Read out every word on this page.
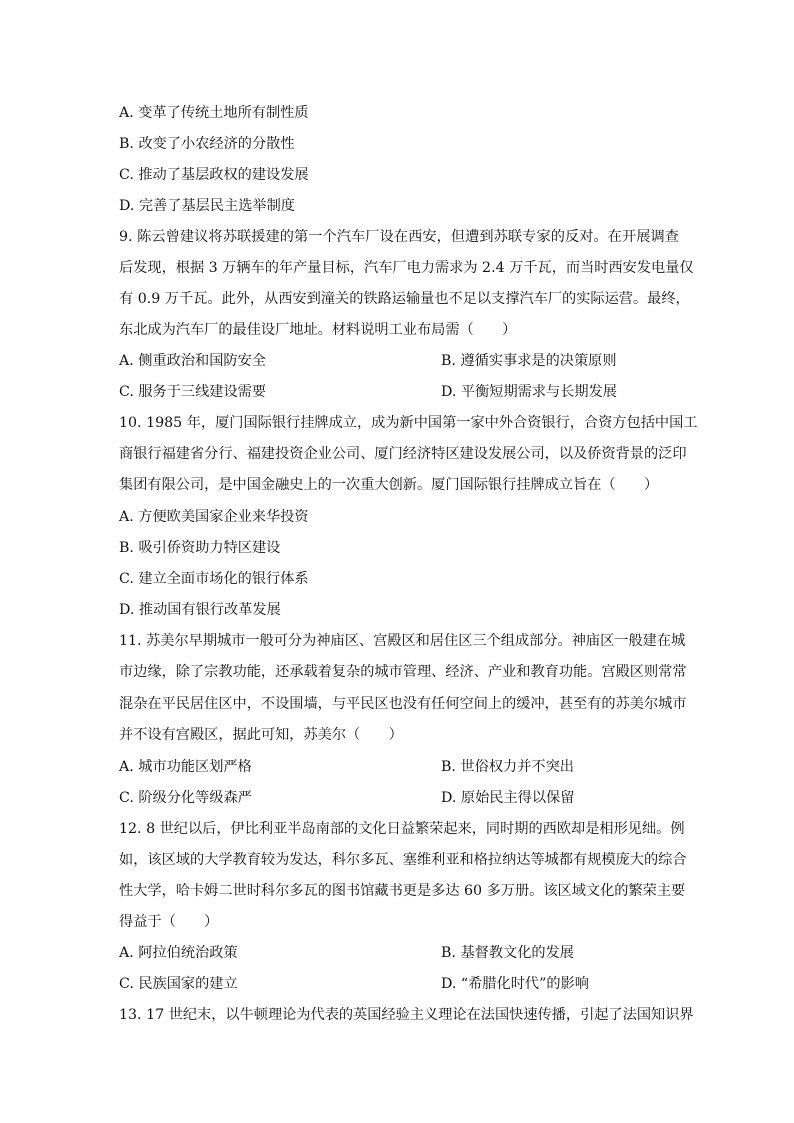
A. 变革了传统土地所有制性质
B. 改变了小农经济的分散性
C. 推动了基层政权的建设发展
D. 完善了基层民主选举制度
9. 陈云曾建议将苏联援建的第一个汽车厂设在西安，但遭到苏联专家的反对。在开展调查
后发现，根据 3 万辆车的年产量目标，汽车厂电力需求为 2.4 万千瓦，而当时西安发电量仅
有 0.9 万千瓦。此外，从西安到潼关的铁路运输量也不足以支撑汽车厂的实际运营。最终，
东北成为汽车厂的最佳设厂地址。材料说明工业布局需（　　）
A. 侧重政治和国防安全	B. 遵循实事求是的决策原则
C. 服务于三线建设需要	D. 平衡短期需求与长期发展
10. 1985 年，厦门国际银行挂牌成立，成为新中国第一家中外合资银行，合资方包括中国工
商银行福建省分行、福建投资企业公司、厦门经济特区建设发展公司，以及侨资背景的泛印
集团有限公司，是中国金融史上的一次重大创新。厦门国际银行挂牌成立旨在（　　）
A. 方便欧美国家企业来华投资
B. 吸引侨资助力特区建设
C. 建立全面市场化的银行体系
D. 推动国有银行改革发展
11. 苏美尔早期城市一般可分为神庙区、宫殿区和居住区三个组成部分。神庙区一般建在城
市边缘，除了宗教功能，还承载着复杂的城市管理、经济、产业和教育功能。宫殿区则常常
混杂在平民居住区中，不设围墙，与平民区也没有任何空间上的缓冲，甚至有的苏美尔城市
并不设有宫殿区，据此可知，苏美尔（　　）
A. 城市功能区划严格	B. 世俗权力并不突出
C. 阶级分化等级森严	D. 原始民主得以保留
12. 8 世纪以后，伊比利亚半岛南部的文化日益繁荣起来，同时期的西欧却是相形见绌。例
如，该区域的大学教育较为发达，科尔多瓦、塞维利亚和格拉纳达等城都有规模庞大的综合
性大学，哈卡姆二世时科尔多瓦的图书馆藏书更是多达 60 多万册。该区域文化的繁荣主要
得益于（　　）
A. 阿拉伯统治政策	B. 基督教文化的发展
C. 民族国家的建立	D. “希腊化时代”的影响
13. 17 世纪末，以牛顿理论为代表的英国经验主义理论在法国快速传播，引起了法国知识界
